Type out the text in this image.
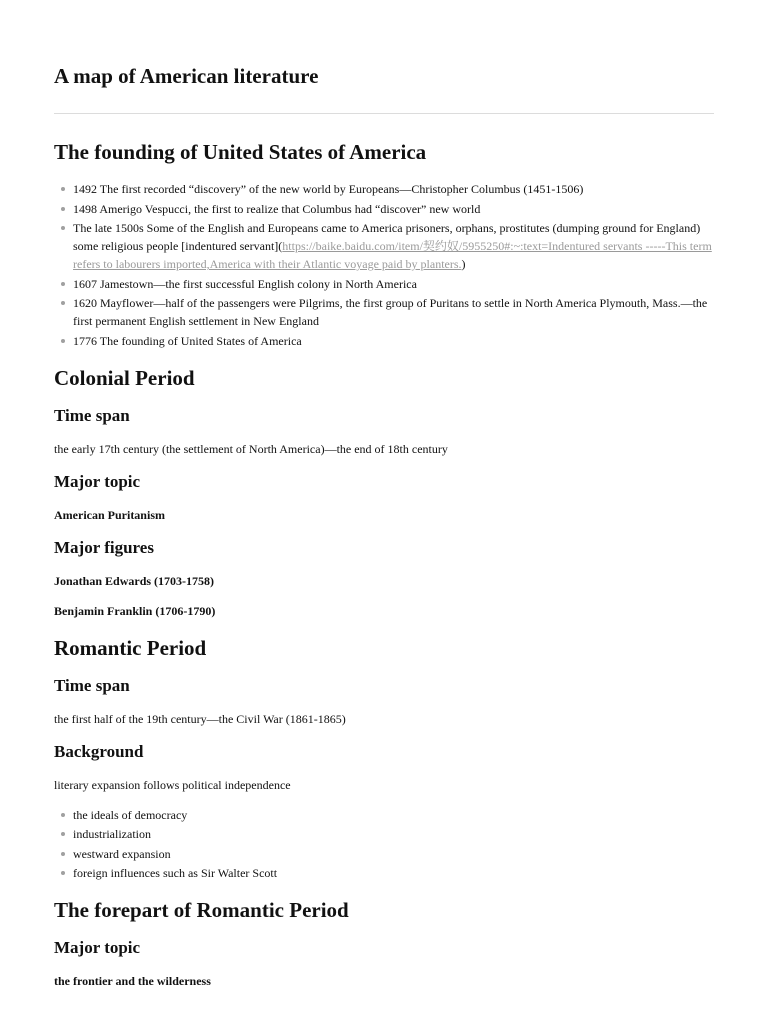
A map of American literature
The founding of United States of America
1492 The first recorded “discovery” of the new world by Europeans—Christopher Columbus (1451-1506)
1498 Amerigo Vespucci, the first to realize that Columbus had “discover” new world
The late 1500s Some of the English and Europeans came to America prisoners, orphans, prostitutes (dumping ground for England) some religious people [indentured servant](https://baike.baidu.com/item/契约奴/5955250#:~:text=Indentured servants -----This term refers to labourers imported,America with their Atlantic voyage paid by planters.)
1607 Jamestown—the first successful English colony in North America
1620 Mayflower—half of the passengers were Pilgrims, the first group of Puritans to settle in North America Plymouth, Mass.—the first permanent English settlement in New England
1776 The founding of United States of America
Colonial Period
Time span

the early 17th century (the settlement of North America)—the end of 18th century

Major topic

American Puritanism

Major figures

Jonathan Edwards (1703-1758)

Benjamin Franklin (1706-1790)

Romantic Period
Time span

the first half of the 19th century—the Civil War (1861-1865)

Background

literary expansion follows political independence

the ideals of democracy
industrialization
westward expansion
foreign influences such as Sir Walter Scott
The forepart of Romantic Period
Major topic

the frontier and the wilderness
